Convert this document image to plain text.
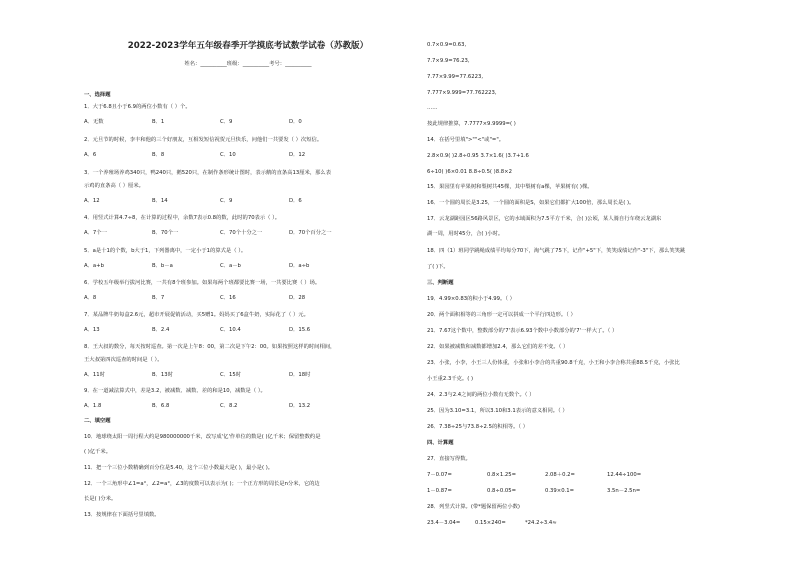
2022-2023学年五年级春季开学摸底考试数学试卷（苏教版）
姓名：__________班级：__________考号：__________
一、选择题
1．大于6.8且小于6.9的两位小数有（ ）个。
A．无数	B．1	C．9	D．0
2．元旦节的时候，李丰和他的三个好朋友，互相发短信祝贺元旦快乐，问他们一共要发（ ）次短信。
A．6	B．8	C．10	D．12
3．一个养殖场养鸡340只，鸭240只，鹅520只，在制作条形统计图时，表示鹅的直条高13厘米，那么表
示鸡的直条高（ ）厘米。
A．12	B．14	C．9	D．6
4．用竖式计算4.7÷8，在计算的过程中，余数7表示0.8的数，此时的70表示（ ）。
A．7个一	B．70个一	C．70个十分之一	D．70个百分之一
5．a是十1的个数，b大于1，下列器离中，一定小于1的算式是（ ）。
A．a+b	B．b－a	C．a－b	D．a÷b
6．学校五年级举行拔河比赛，一共有8个班参加。如果每两个班都要比赛一场，一共要比赛（ ）场。
A．8	B．7	C．16	D．28
7．某品牌牛奶每盒2.6元，超市开展促销活动，买5赠1。妈妈买了6盒牛奶，实际花了（ ）元。
A．13	B．2.4	C．10.4	D．15.6
8．王大叔的数分，每天按时巡查。第一次是上午8：00，第二次是下午2：00。如果按照这样的时间相间，
王大叔第四次巡查的时间是（ ）。
A．11时	B．13时	C．15时	D．18时
9．在一道减法算式中，差是3.2，被减数、减数、差的和是10，减数是（ ）。
A．1.8	B．6.8	C．8.2	D．13.2
二、填空题
10．地球绕太阳一周行程大约是980000000千米，改写成'亿'作单位的数是( )亿千米；保留整数约是
( )亿千米。
11．把一个三位小数精确到百分位是5.40，这个三位小数最大是( )，最小是( )。
12．一个三角形中∠1=a°，∠2=a°，∠3的度数可以表示为( )；一个正方形的周长是n分米，它的边
长是( )分米。
13．按规律在下面括号里填数。
0.7×0.9=0.63,
7.7×9.9=76.23,
7.77×9.99=77.6223,
7.777×9.999=77.762223,
……
按此规律推算，7.7777×9.9999=( )
14．在括号里填">""<"或"="。
2.8×0.9( )2.8÷0.95 3.7×1.6( )3.7+1.6
6÷10( )6×0.01 8.8÷0.5( )8.8×2
15．果园里有苹果树和梨树共45棵，其中梨树有a棵，苹果树有( )棵。
16．一个圆的周长是3.25，一个圆的面积是S，如果它们都扩大100倍，那么周长是( )。
17．云龙湖距园区56路风景区，它的水域面积为7.5平方千米，合( )公顷，某人骑自行车绕云龙湖东
湖一周，用时45分，合( )小时。
18．四（1）班同学跳绳成绩平均每分70下，淘气跳了75下，记作"+5"下，笑笑成绩记作"-3"下，那么笑笑跳
了( )下。
三、判断题
19．4.99×0.83的积小于4.99。（ ）
20．两个面积相等的三角形一定可以拼成一个平行四边形。（ ）
21．7.67这个数中，整数部分的'7'表示6.93个数中小数部分的'7'一样大了。（ ）
22．如果被减数和减数都增加2.4，那么它们的差不变。（ ）
23．小张，小李，小王三人份体重，小张和小李合的共重90.8千克，小王和小李合称共重88.5千克，小张比
小王重2.3千克。( )
24．2.3与2.4之间的两位小数有无数个。（ ）
25．因为3.10=3.1，所以3.10和3.1表示的意义相同。（ ）
26．7.38÷25与73.8÷2.5的积相等。（ ）
四、计算题
27．直接写得数。
7－0.07=	0.8×1.25=	2.08＋0.2=	12.44÷100=
1－0.87=	0.8÷0.05=	0.39×0.1=	3.5n－2.5n=
28．列竖式计算。(带*题保留两位小数)
23.4－3.04=	0.15×240=	*24.2÷3.4≈
